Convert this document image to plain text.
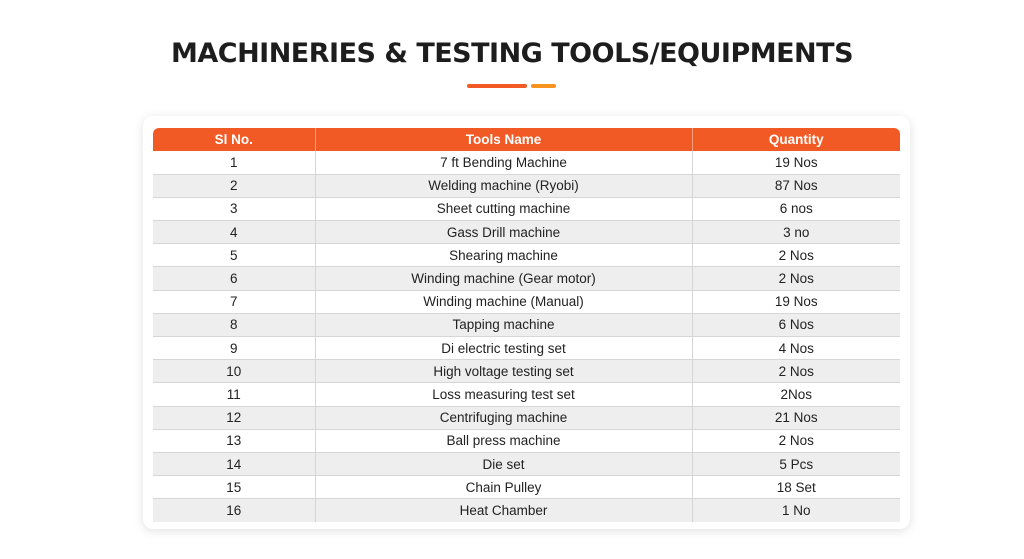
MACHINERIES & TESTING TOOLS/EQUIPMENTS
Sl No.	Tools Name	Quantity
1	7 ft Bending Machine	19 Nos
2	Welding machine (Ryobi)	87 Nos
3	Sheet cutting machine	6 nos
4	Gass Drill machine	3 no
5	Shearing machine	2 Nos
6	Winding machine (Gear motor)	2 Nos
7	Winding machine (Manual)	19 Nos
8	Tapping machine	6 Nos
9	Di electric testing set	4 Nos
10	High voltage testing set	2 Nos
11	Loss measuring test set	2Nos
12	Centrifuging machine	21 Nos
13	Ball press machine	2 Nos
14	Die set	5 Pcs
15	Chain Pulley	18 Set
16	Heat Chamber	1 No
